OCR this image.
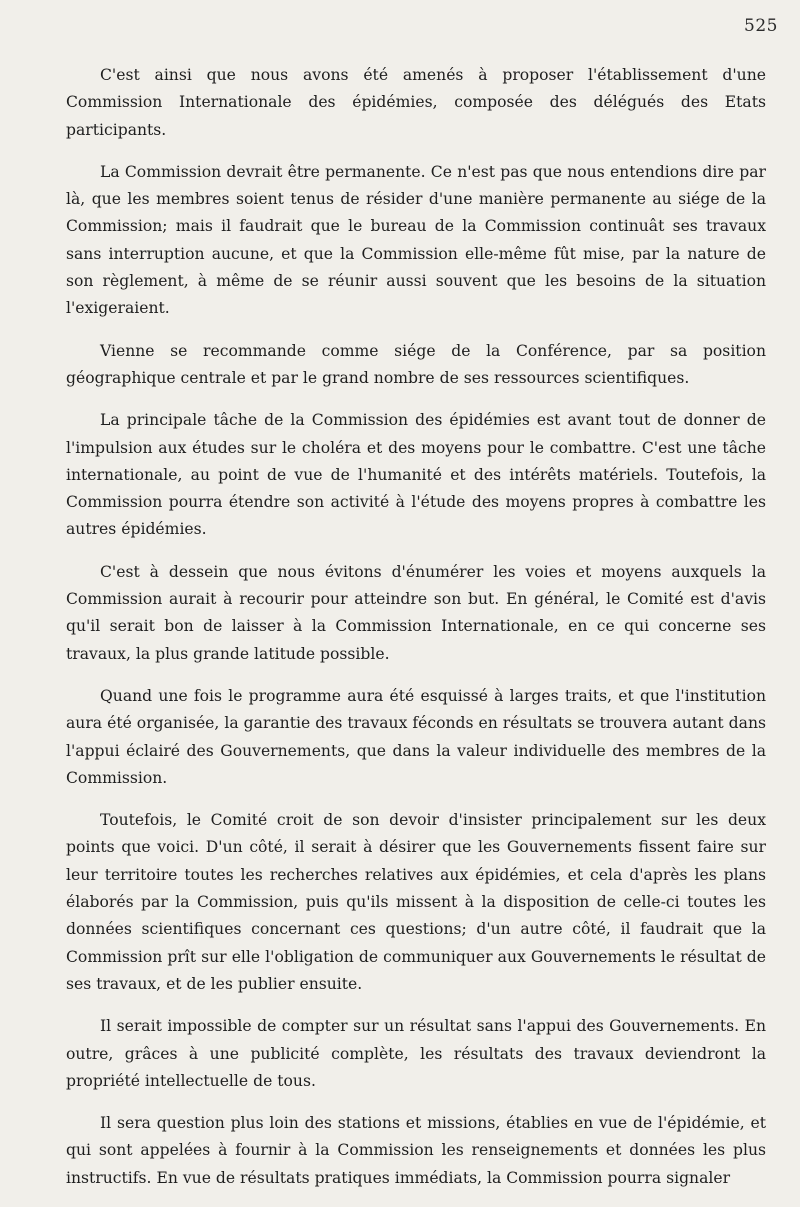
525

C'est ainsi que nous avons été amenés à proposer l'établissement d'une Commission Internationale des épidémies, composée des délégués des Etats participants.

La Commission devrait être permanente. Ce n'est pas que nous entendions dire par là, que les membres soient tenus de résider d'une manière permanente au siége de la Commission; mais il faudrait que le bureau de la Commission continuât ses travaux sans interruption aucune, et que la Commission elle-même fût mise, par la nature de son règlement, à même de se réunir aussi souvent que les besoins de la situation l'exigeraient.

Vienne se recommande comme siége de la Conférence, par sa position géographique centrale et par le grand nombre de ses ressources scientifiques.

La principale tâche de la Commission des épidémies est avant tout de donner de l'impulsion aux études sur le choléra et des moyens pour le combattre. C'est une tâche internationale, au point de vue de l'humanité et des intérêts matériels. Toutefois, la Commission pourra étendre son activité à l'étude des moyens propres à combattre les autres épidémies.

C'est à dessein que nous évitons d'énumérer les voies et moyens auxquels la Commission aurait à recourir pour atteindre son but. En général, le Comité est d'avis qu'il serait bon de laisser à la Commission Internationale, en ce qui concerne ses travaux, la plus grande latitude possible.

Quand une fois le programme aura été esquissé à larges traits, et que l'institution aura été organisée, la garantie des travaux féconds en résultats se trouvera autant dans l'appui éclairé des Gouvernements, que dans la valeur individuelle des membres de la Commission.

Toutefois, le Comité croit de son devoir d'insister principalement sur les deux points que voici. D'un côté, il serait à désirer que les Gouvernements fissent faire sur leur territoire toutes les recherches relatives aux épidémies, et cela d'après les plans élaborés par la Commission, puis qu'ils missent à la disposition de celle-ci toutes les données scientifiques concernant ces questions; d'un autre côté, il faudrait que la Commission prît sur elle l'obligation de communiquer aux Gouvernements le résultat de ses travaux, et de les publier ensuite.

Il serait impossible de compter sur un résultat sans l'appui des Gouvernements. En outre, grâces à une publicité complète, les résultats des travaux deviendront la propriété intellectuelle de tous.

Il sera question plus loin des stations et missions, établies en vue de l'épidémie, et qui sont appelées à fournir à la Commission les renseignements et données les plus instructifs. En vue de résultats pratiques immédiats, la Commission pourra signaler
